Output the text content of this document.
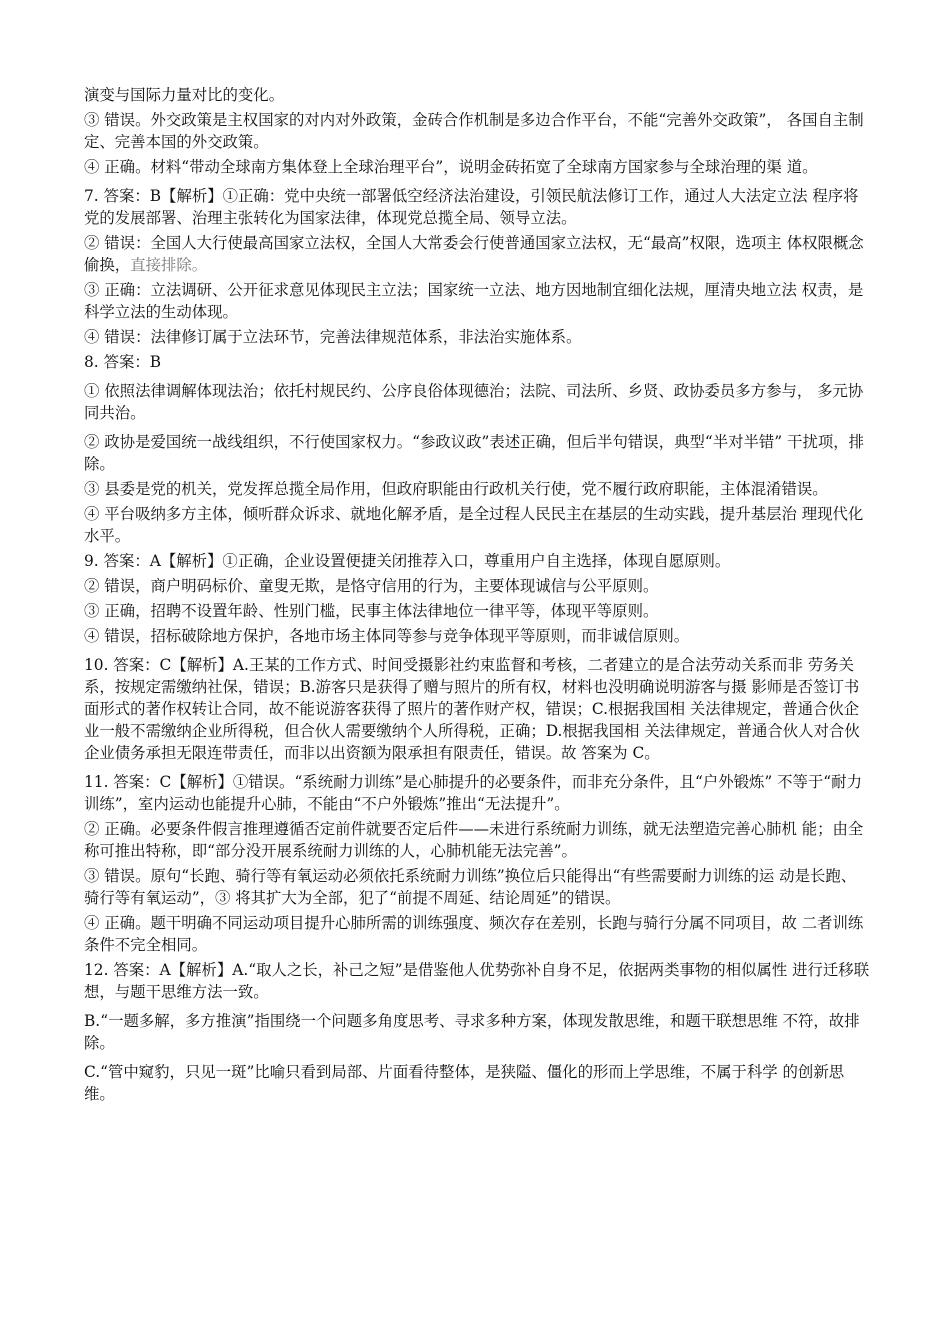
演变与国际力量对比的变化。

③ 错误。外交政策是主权国家的对内对外政策，金砖合作机制是多边合作平台，不能“完善外交政策”， 各国自主制定、完善本国的外交政策。

④ 正确。材料“带动全球南方集体登上全球治理平台”，说明金砖拓宽了全球南方国家参与全球治理的渠 道。

7. 答案：B【解析】①正确：党中央统一部署低空经济法治建设，引领民航法修订工作，通过人大法定立法 程序将党的发展部署、治理主张转化为国家法律，体现党总揽全局、领导立法。

② 错误：全国人大行使最高国家立法权，全国人大常委会行使普通国家立法权，无“最高”权限，选项主 体权限概念偷换，直接排除。

③ 正确：立法调研、公开征求意见体现民主立法；国家统一立法、地方因地制宜细化法规，厘清央地立法 权责，是科学立法的生动体现。

④ 错误：法律修订属于立法环节，完善法律规范体系，非法治实施体系。

8. 答案：B

① 依照法律调解体现法治；依托村规民约、公序良俗体现德治；法院、司法所、乡贤、政协委员多方参与， 多元协同共治。

② 政协是爱国统一战线组织，不行使国家权力。“参政议政”表述正确，但后半句错误，典型“半对半错” 干扰项，排除。

③ 县委是党的机关，党发挥总揽全局作用，但政府职能由行政机关行使，党不履行政府职能，主体混淆错误。

④ 平台吸纳多方主体，倾听群众诉求、就地化解矛盾，是全过程人民民主在基层的生动实践，提升基层治 理现代化水平。

9. 答案：A【解析】①正确，企业设置便捷关闭推荐入口，尊重用户自主选择，体现自愿原则。

② 错误，商户明码标价、童叟无欺，是恪守信用的行为，主要体现诚信与公平原则。

③ 正确，招聘不设置年龄、性别门槛，民事主体法律地位一律平等，体现平等原则。

④ 错误，招标破除地方保护，各地市场主体同等参与竞争体现平等原则，而非诚信原则。

10. 答案：C【解析】A.王某的工作方式、时间受摄影社约束监督和考核，二者建立的是合法劳动关系而非 劳务关系，按规定需缴纳社保，错误；B.游客只是获得了赠与照片的所有权，材料也没明确说明游客与摄 影师是否签订书面形式的著作权转让合同，故不能说游客获得了照片的著作财产权，错误；C.根据我国相 关法律规定，普通合伙企业一般不需缴纳企业所得税，但合伙人需要缴纳个人所得税，正确；D.根据我国相 关法律规定，普通合伙人对合伙企业债务承担无限连带责任，而非以出资额为限承担有限责任，错误。故 答案为 C。

11. 答案：C【解析】①错误。“系统耐力训练”是心肺提升的必要条件，而非充分条件，且“户外锻炼” 不等于“耐力训练”，室内运动也能提升心肺，不能由“不户外锻炼”推出“无法提升”。

② 正确。必要条件假言推理遵循否定前件就要否定后件——未进行系统耐力训练，就无法塑造完善心肺机 能；由全称可推出特称，即“部分没开展系统耐力训练的人，心肺机能无法完善”。

③ 错误。原句“长跑、骑行等有氧运动必须依托系统耐力训练”换位后只能得出“有些需要耐力训练的运 动是长跑、骑行等有氧运动”，③ 将其扩大为全部，犯了“前提不周延、结论周延”的错误。

④ 正确。题干明确不同运动项目提升心肺所需的训练强度、频次存在差别，长跑与骑行分属不同项目，故 二者训练条件不完全相同。

12. 答案：A【解析】A.“取人之长，补己之短”是借鉴他人优势弥补自身不足，依据两类事物的相似属性 进行迁移联想，与题干思维方法一致。

B.“一题多解，多方推演”指围绕一个问题多角度思考、寻求多种方案，体现发散思维，和题干联想思维 不符，故排除。

C.“管中窥豹，只见一斑”比喻只看到局部、片面看待整体，是狭隘、僵化的形而上学思维，不属于科学 的创新思维。
